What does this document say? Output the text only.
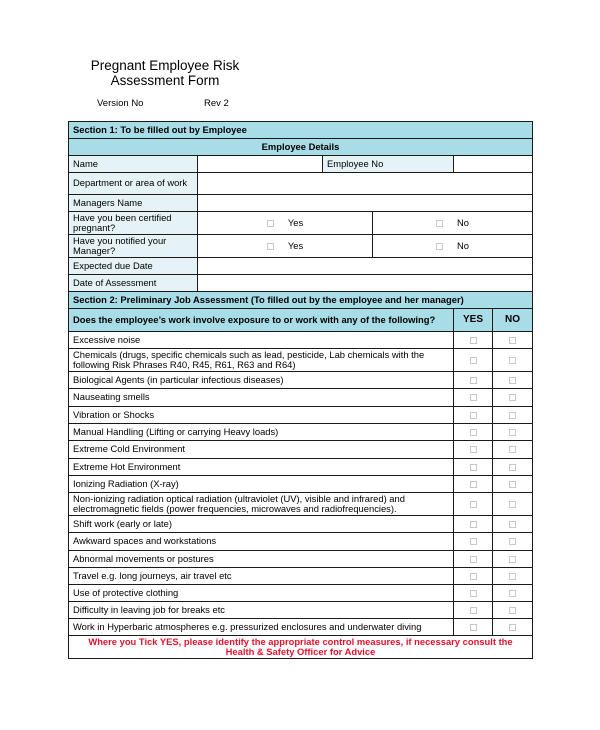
Pregnant Employee Risk
Assessment Form
Version No	Rev 2
Section 1: To be filled out by Employee					
Employee Details					
Name		Employee No			
Department or area of work					
Managers Name					
Have you been certified pregnant?	Yes		No		
Have you notified your Manager?	Yes		No		
Expected due Date					
Date of Assessment					
Section 2: Preliminary Job Assessment (To filled out by the employee and her manager)					
Does the employee’s work involve exposure to or work with any of the following?				YES	NO
Excessive noise					
Chemicals (drugs, specific chemicals such as lead, pesticide, Lab chemicals with the following Risk Phrases R40, R45, R61, R63 and R64)					
Biological Agents (in particular infectious diseases)					
Nauseating smells					
Vibration or Shocks					
Manual Handling (Lifting or carrying Heavy loads)					
Extreme Cold Environment					
Extreme Hot Environment					
Ionizing Radiation (X-ray)					
Non-ionizing radiation optical radiation (ultraviolet (UV), visible and infrared) and electromagnetic fields (power frequencies, microwaves and radiofrequencies).					
Shift work (early or late)					
Awkward spaces and workstations					
Abnormal movements or postures					
Travel e.g. long journeys, air travel etc					
Use of protective clothing					
Difficulty in leaving job for breaks etc					
Work in Hyperbaric atmospheres e.g. pressurized enclosures and underwater diving					
Where you Tick YES, please identify the appropriate control measures, if necessary consult the Health & Safety Officer for Advice					
